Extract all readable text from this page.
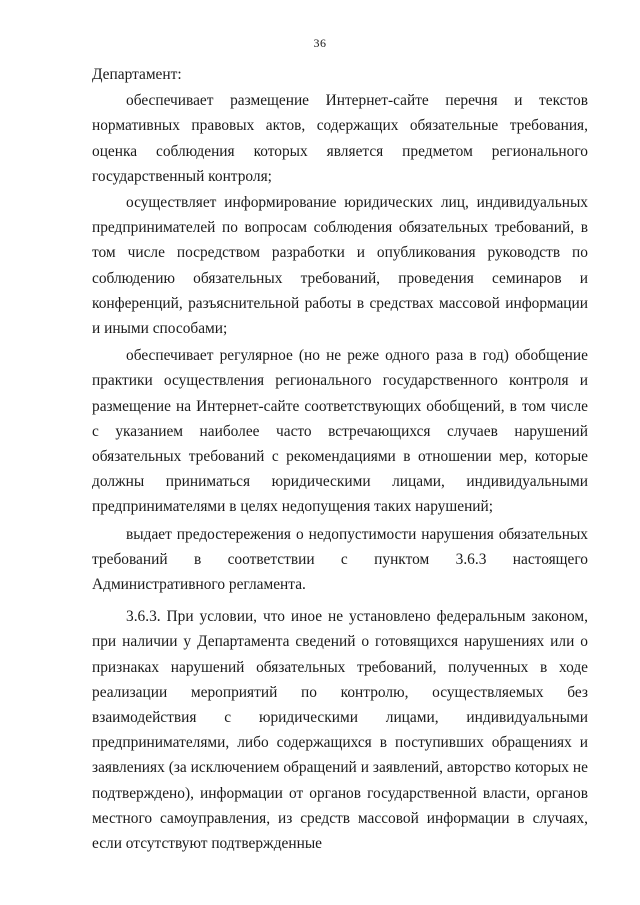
36

Департамент:

обеспечивает размещение Интернет-сайте перечня и текстов нормативных правовых актов, содержащих обязательные требования, оценка соблюдения которых является предметом регионального государственный контроля;

осуществляет информирование юридических лиц, индивидуальных предпринимателей по вопросам соблюдения обязательных требований, в том числе посредством разработки и опубликования руководств по соблюдению обязательных требований, проведения семинаров и конференций, разъяснительной работы в средствах массовой информации и иными способами;

обеспечивает регулярное (но не реже одного раза в год) обобщение практики осуществления регионального государственного контроля и размещение на Интернет-сайте соответствующих обобщений, в том числе с указанием наиболее часто встречающихся случаев нарушений обязательных требований с рекомендациями в отношении мер, которые должны приниматься юридическими лицами, индивидуальными предпринимателями в целях недопущения таких нарушений;

выдает предостережения о недопустимости нарушения обязательных требований в соответствии с пунктом 3.6.3 настоящего Административного регламента.

3.6.3. При условии, что иное не установлено федеральным законом, при наличии у Департамента сведений о готовящихся нарушениях или о признаках нарушений обязательных требований, полученных в ходе реализации мероприятий по контролю, осуществляемых без взаимодействия с юридическими лицами, индивидуальными предпринимателями, либо содержащихся в поступивших обращениях и заявлениях (за исключением обращений и заявлений, авторство которых не подтверждено), информации от органов государственной власти, органов местного самоуправления, из средств массовой информации в случаях, если отсутствуют подтвержденные
